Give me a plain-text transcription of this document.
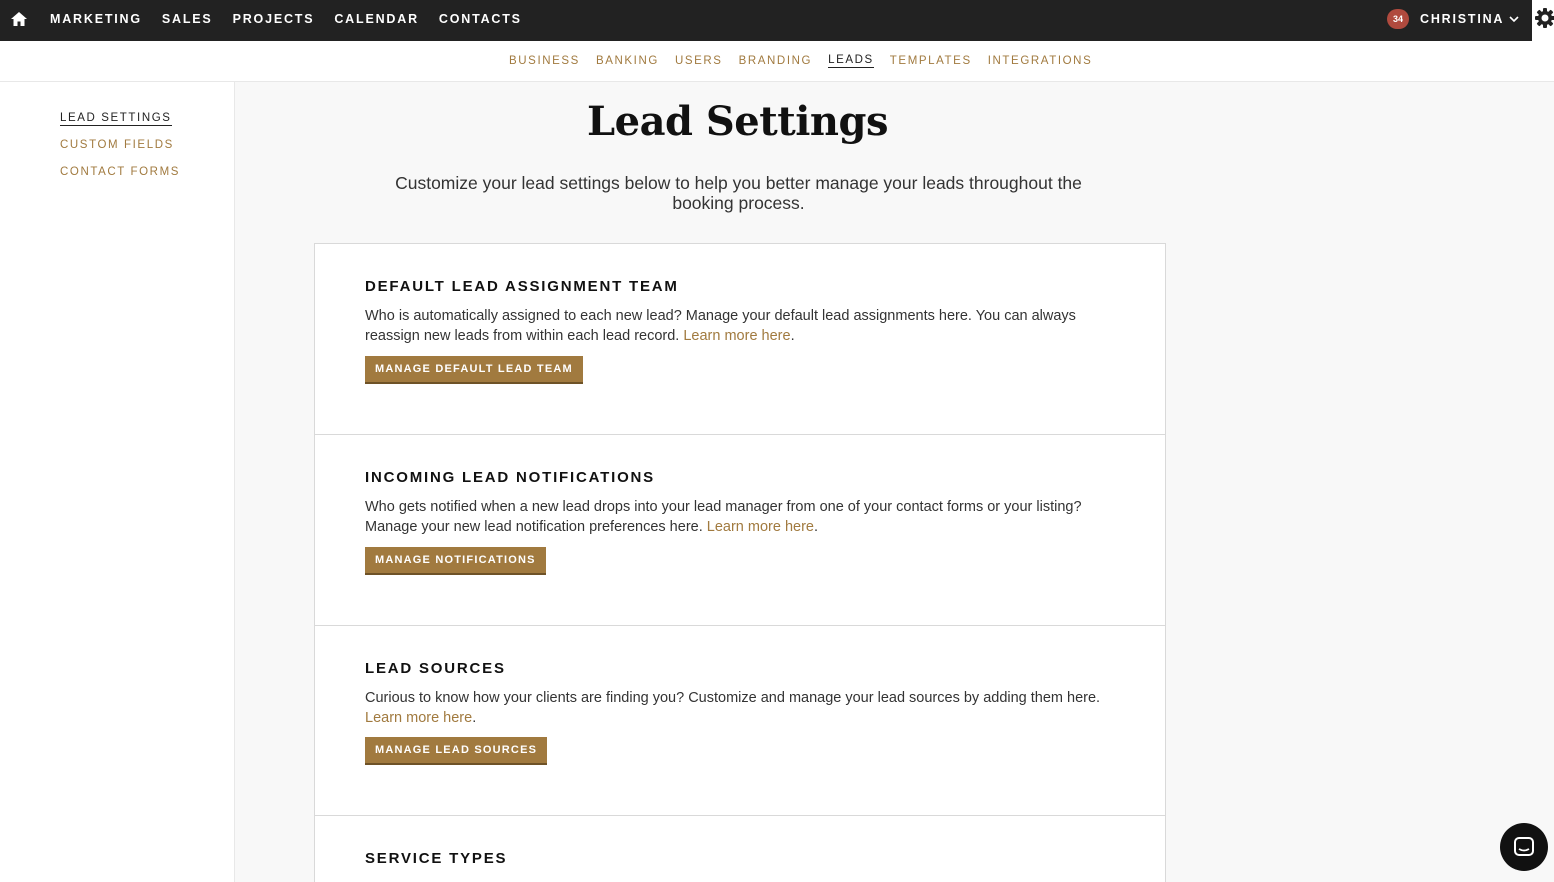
MARKETING SALES PROJECTS CALENDAR CONTACTS	34	CHRISTINA
BUSINESS BANKING USERS BRANDING LEADS TEMPLATES INTEGRATIONS
LEAD SETTINGS
CUSTOM FIELDS
CONTACT FORMS
Lead Settings
Customize your lead settings below to help you better manage your leads throughout the booking process.
DEFAULT LEAD ASSIGNMENT TEAM

Who is automatically assigned to each new lead? Manage your default lead assignments here. You can always reassign new leads from within each lead record. Learn more here.

MANAGE DEFAULT LEAD TEAM
INCOMING LEAD NOTIFICATIONS

Who gets notified when a new lead drops into your lead manager from one of your contact forms or your listing? Manage your new lead notification preferences here. Learn more here.

MANAGE NOTIFICATIONS
LEAD SOURCES

Curious to know how your clients are finding you? Customize and manage your lead sources by adding them here. Learn more here.

MANAGE LEAD SOURCES
SERVICE TYPES
